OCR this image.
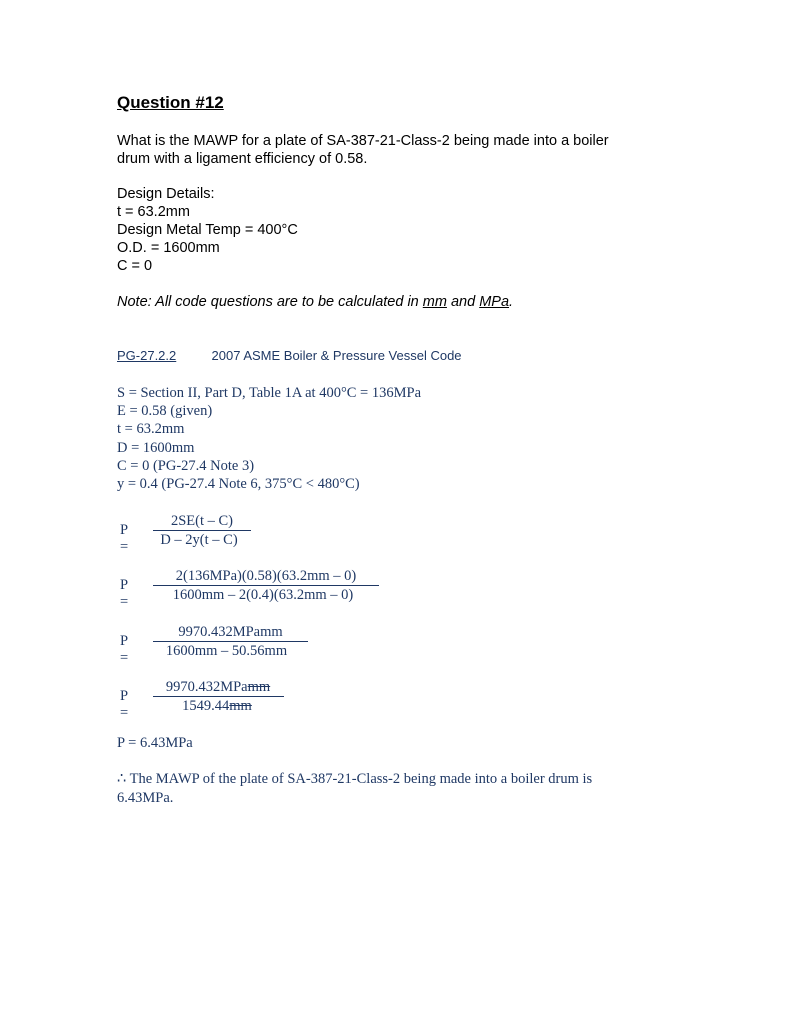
Question #12
What is the MAWP for a plate of SA-387-21-Class-2 being made into a boiler
drum with a ligament efficiency of 0.58.
Design Details:
t = 63.2mm
Design Metal Temp = 400°C
O.D. = 1600mm
C = 0
Note: All code questions are to be calculated in mm and MPa.
PG-27.2.2	2007 ASME Boiler & Pressure Vessel Code
S = Section II, Part D, Table 1A at 400°C = 136MPa
E = 0.58 (given)
t = 63.2mm
D = 1600mm
C = 0 (PG-27.4 Note 3)
y = 0.4 (PG-27.4 Note 6, 375°C < 480°C)
P =
2SE(t – C)
D – 2y(t – C)
P =
2(136MPa)(0.58)(63.2mm – 0)
1600mm – 2(0.4)(63.2mm – 0)
P =
9970.432MPamm
1600mm – 50.56mm
P =
9970.432MPamm
1549.44mm
P = 6.43MPa
∴ The MAWP of the plate of SA-387-21-Class-2 being made into a boiler drum is
6.43MPa.
